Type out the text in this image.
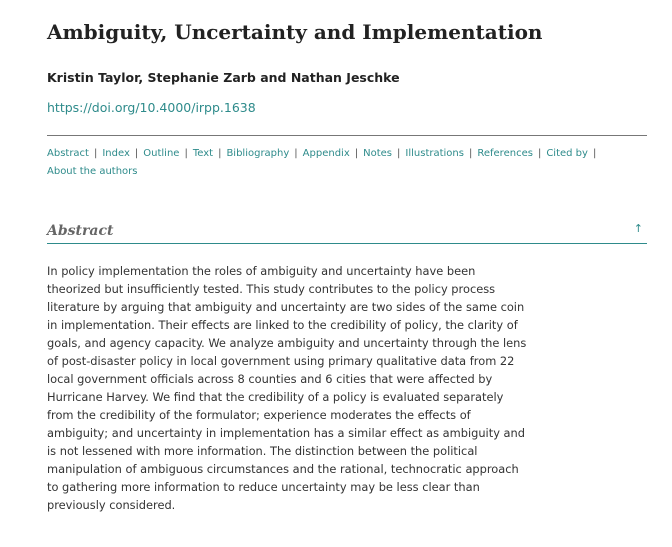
Ambiguity, Uncertainty and Implementation
Kristin Taylor, Stephanie Zarb and Nathan Jeschke
https://doi.org/10.4000/irpp.1638
Abstract | Index | Outline | Text | Bibliography | Appendix | Notes | Illustrations | References | Cited by |
About the authors
Abstract	↑

In policy implementation the roles of ambiguity and uncertainty have been theorized but insufficiently tested. This study contributes to the policy process literature by arguing that ambiguity and uncertainty are two sides of the same coin in implementation. Their effects are linked to the credibility of policy, the clarity of goals, and agency capacity. We analyze ambiguity and uncertainty through the lens of post-disaster policy in local government using primary qualitative data from 22 local government officials across 8 counties and 6 cities that were affected by Hurricane Harvey. We find that the credibility of a policy is evaluated separately from the credibility of the formulator; experience moderates the effects of ambiguity; and uncertainty in implementation has a similar effect as ambiguity and is not lessened with more information. The distinction between the political manipulation of ambiguous circumstances and the rational, technocratic approach to gathering more information to reduce uncertainty may be less clear than previously considered.
